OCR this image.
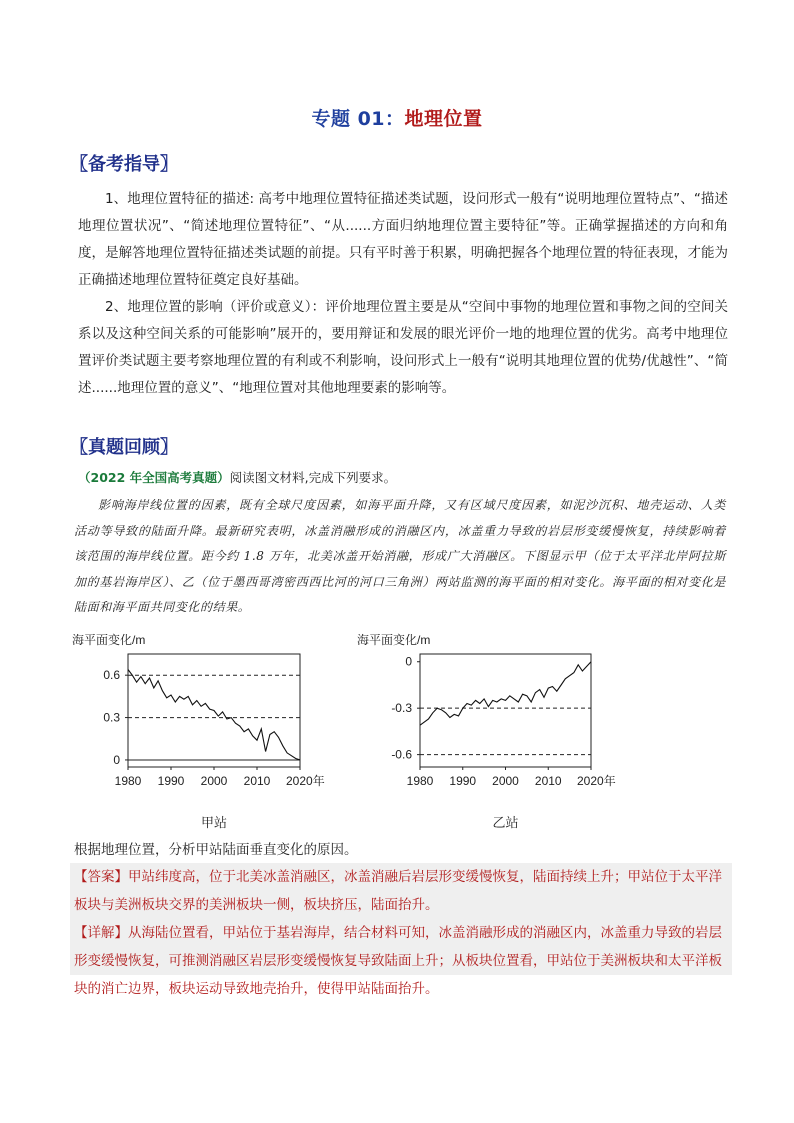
专题 01：地理位置
〖备考指导〗
1、地理位置特征的描述: 高考中地理位置特征描述类试题，设问形式一般有“说明地理位置特点”、“描述地理位置状况”、“简述地理位置特征”、“从......方面归纳地理位置主要特征”等。正确掌握描述的方向和角度，是解答地理位置特征描述类试题的前提。只有平时善于积累，明确把握各个地理位置的特征表现，才能为正确描述地理位置特征奠定良好基础。
2、地理位置的影响（评价或意义）：评价地理位置主要是从“空间中事物的地理位置和事物之间的空间关系以及这种空间关系的可能影响”展开的，要用辩证和发展的眼光评价一地的地理位置的优劣。高考中地理位置评价类试题主要考察地理位置的有利或不利影响，设问形式上一般有“说明其地理位置的优势/优越性”、“简述......地理位置的意义”、“地理位置对其他地理要素的影响等。
〖真题回顾〗
（2022 年全国高考真题）阅读图文材料,完成下列要求。
影响海岸线位置的因素，既有全球尺度因素，如海平面升降，又有区域尺度因素，如泥沙沉积、地壳运动、人类活动等导致的陆面升降。最新研究表明，冰盖消融形成的消融区内，冰盖重力导致的岩层形变缓慢恢复，持续影响着该范围的海岸线位置。距今约 1.8 万年，北美冰盖开始消融，形成广大消融区。下图显示甲（位于太平洋北岸阿拉斯加的基岩海岸区）、乙（位于墨西哥湾密西西比河的河口三角洲）两站监测的海平面的相对变化。海平面的相对变化是陆面和海平面共同变化的结果。
海平面变化/m
0.6
0.3
0
1980 1990 2000 2010 2020年
甲站
海平面变化/m
0
-0.3
-0.6
1980 1990 2000 2010 2020年
乙站
根据地理位置，分析甲站陆面垂直变化的原因。
【答案】甲站纬度高，位于北美冰盖消融区，冰盖消融后岩层形变缓慢恢复，陆面持续上升；甲站位于太平洋板块与美洲板块交界的美洲板块一侧，板块挤压，陆面抬升。
【详解】从海陆位置看，甲站位于基岩海岸，结合材料可知，冰盖消融形成的消融区内，冰盖重力导致的岩层形变缓慢恢复，可推测消融区岩层形变缓慢恢复导致陆面上升；从板块位置看，甲站位于美洲板块和太平洋板块的消亡边界，板块运动导致地壳抬升，使得甲站陆面抬升。
